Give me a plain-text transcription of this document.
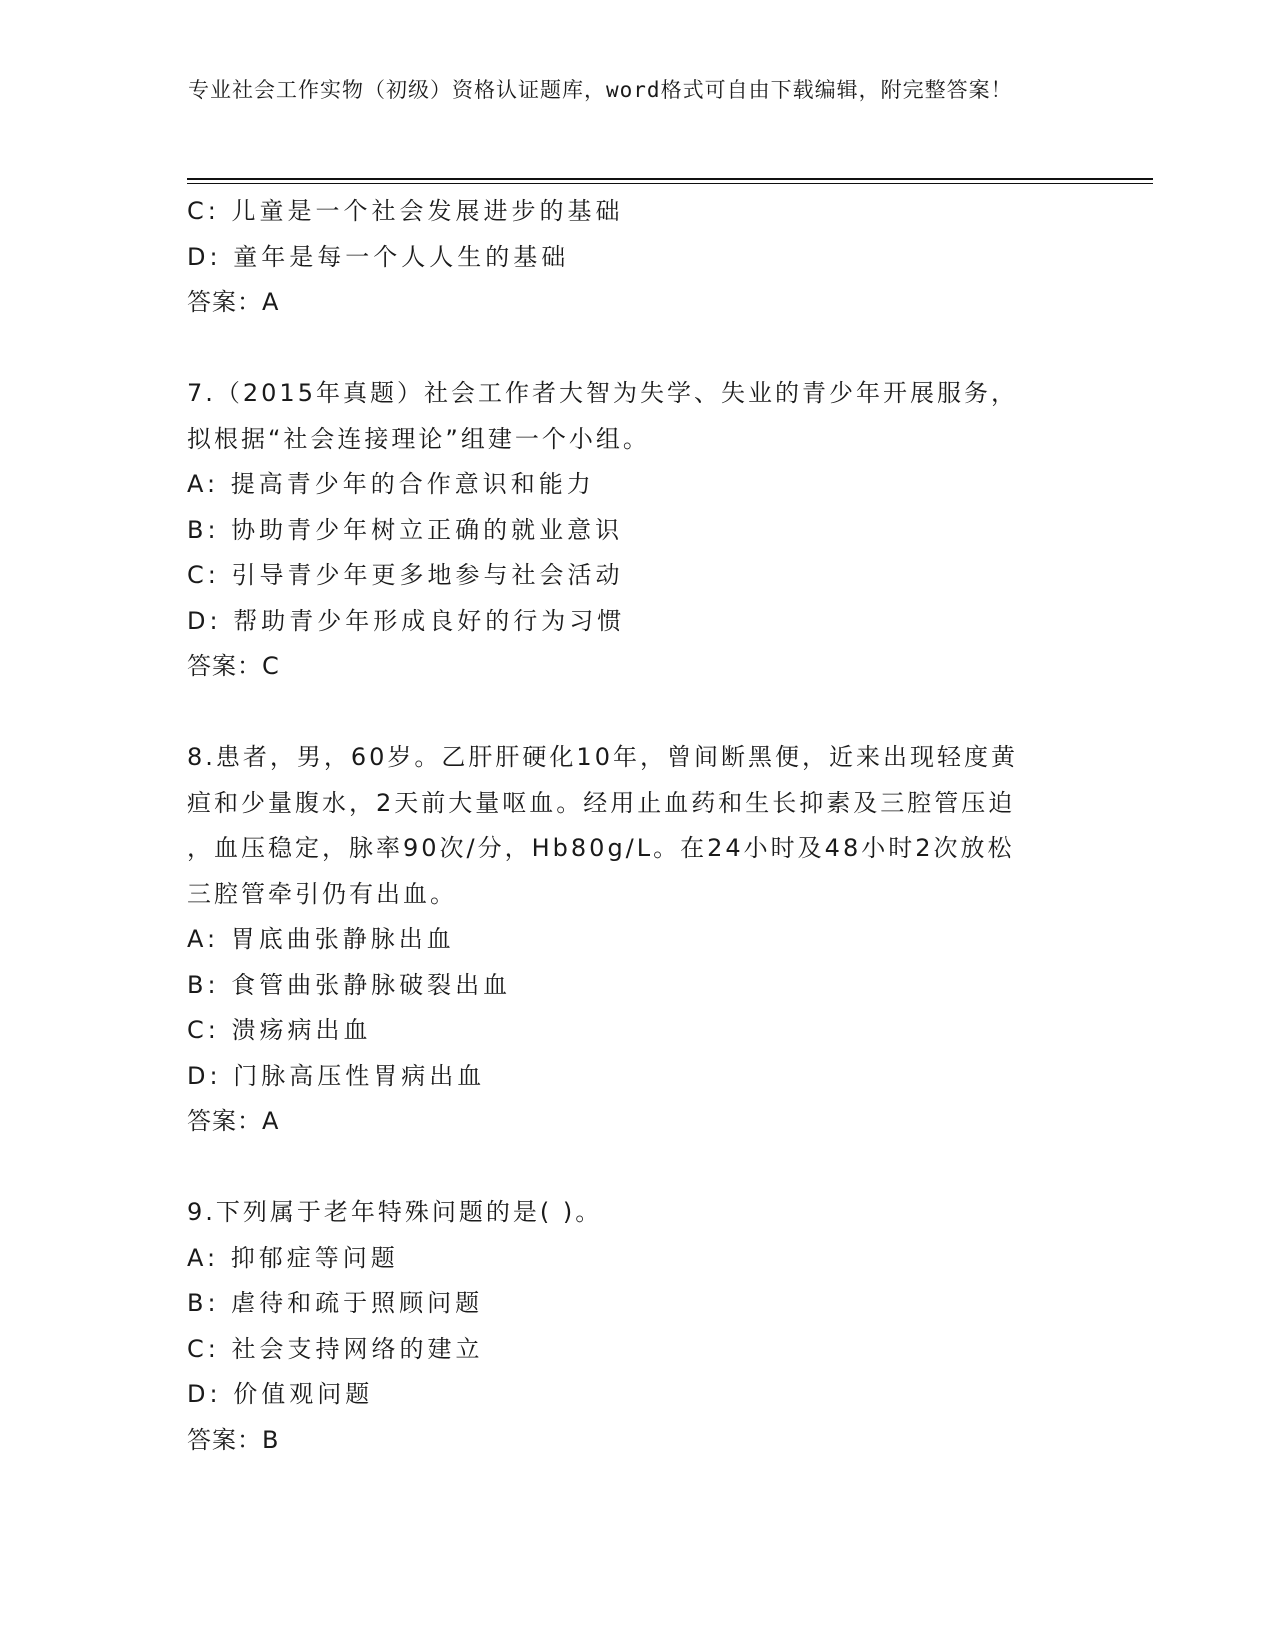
专业社会工作实物（初级）资格认证题库，word格式可自由下载编辑，附完整答案！
C: 儿童是一个社会发展进步的基础
D: 童年是每一个人人生的基础
答案：A
7.（2015年真题）社会工作者大智为失学、失业的青少年开展服务，
拟根据“社会连接理论”组建一个小组。
A: 提高青少年的合作意识和能力
B: 协助青少年树立正确的就业意识
C: 引导青少年更多地参与社会活动
D: 帮助青少年形成良好的行为习惯
答案：C
8.患者，男，60岁。乙肝肝硬化10年，曾间断黑便，近来出现轻度黄
疸和少量腹水，2天前大量呕血。经用止血药和生长抑素及三腔管压迫
，血压稳定，脉率90次/分，Hb80g/L。在24小时及48小时2次放松
三腔管牵引仍有出血。
A: 胃底曲张静脉出血
B: 食管曲张静脉破裂出血
C: 溃疡病出血
D: 门脉高压性胃病出血
答案：A
9.下列属于老年特殊问题的是( )。
A: 抑郁症等问题
B: 虐待和疏于照顾问题
C: 社会支持网络的建立
D: 价值观问题
答案：B
